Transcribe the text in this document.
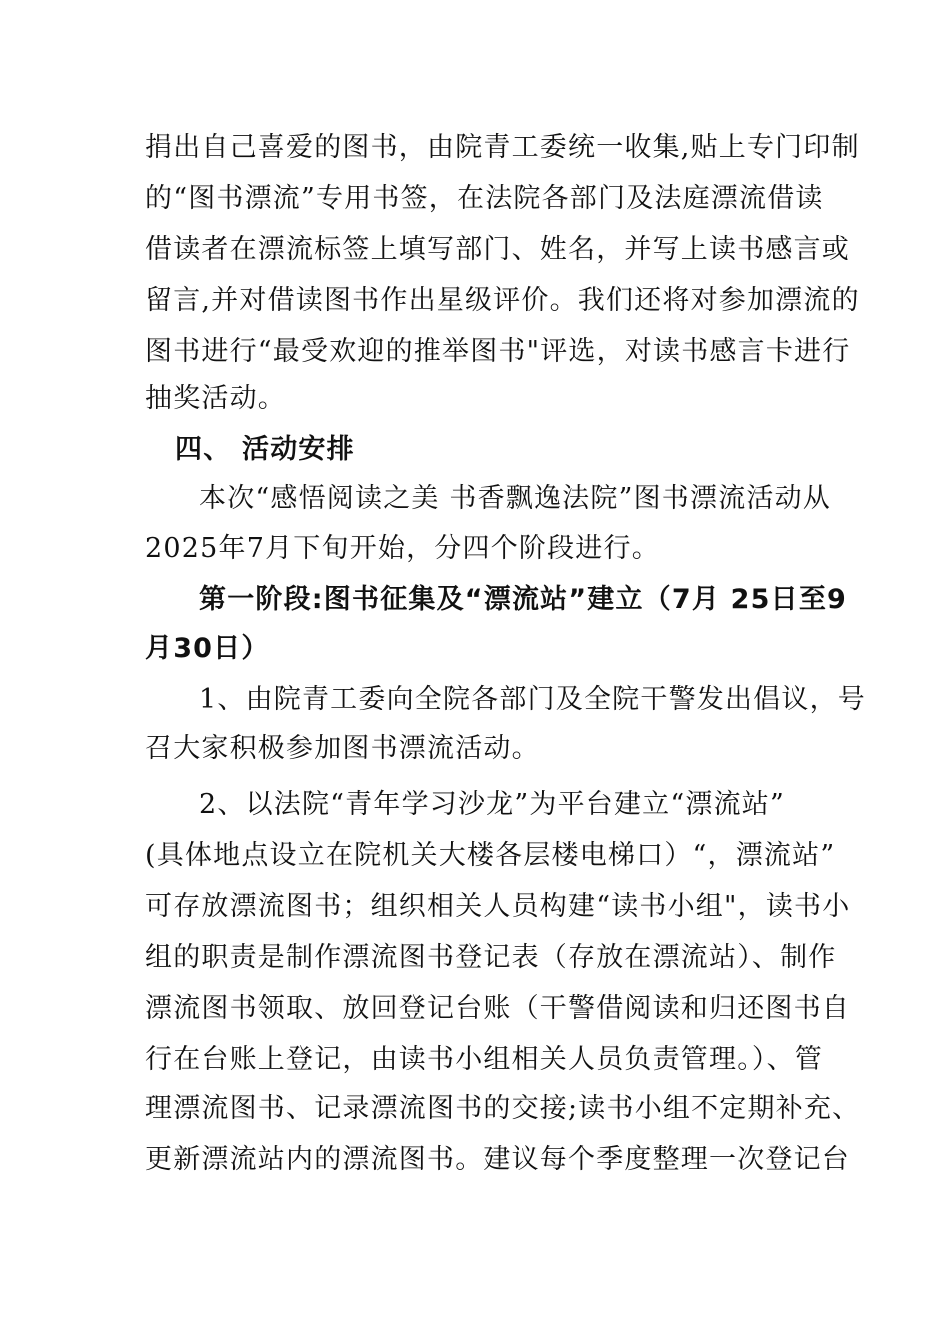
捐出自己喜爱的图书，由院青工委统一收集,贴上专门印制
的“图书漂流”专用书签，在法院各部门及法庭漂流借读
借读者在漂流标签上填写部门、姓名，并写上读书感言或
留言,并对借读图书作出星级评价。我们还将对参加漂流的
图书进行“最受欢迎的推举图书"评选，对读书感言卡进行
抽奖活动。
四、 活动安排
本次“感悟阅读之美 书香飘逸法院”图书漂流活动从
2025年7月下旬开始，分四个阶段进行。
第一阶段:图书征集及“漂流站”建立（7月 25日至9
月30日）
1、由院青工委向全院各部门及全院干警发出倡议，号
召大家积极参加图书漂流活动。
2、以法院“青年学习沙龙”为平台建立“漂流站”
(具体地点设立在院机关大楼各层楼电梯口）“，漂流站”
可存放漂流图书；组织相关人员构建“读书小组"，读书小
组的职责是制作漂流图书登记表（存放在漂流站）、制作
漂流图书领取、放回登记台账（干警借阅读和归还图书自
行在台账上登记，由读书小组相关人员负责管理。）、管
理漂流图书、记录漂流图书的交接;读书小组不定期补充、
更新漂流站内的漂流图书。建议每个季度整理一次登记台
